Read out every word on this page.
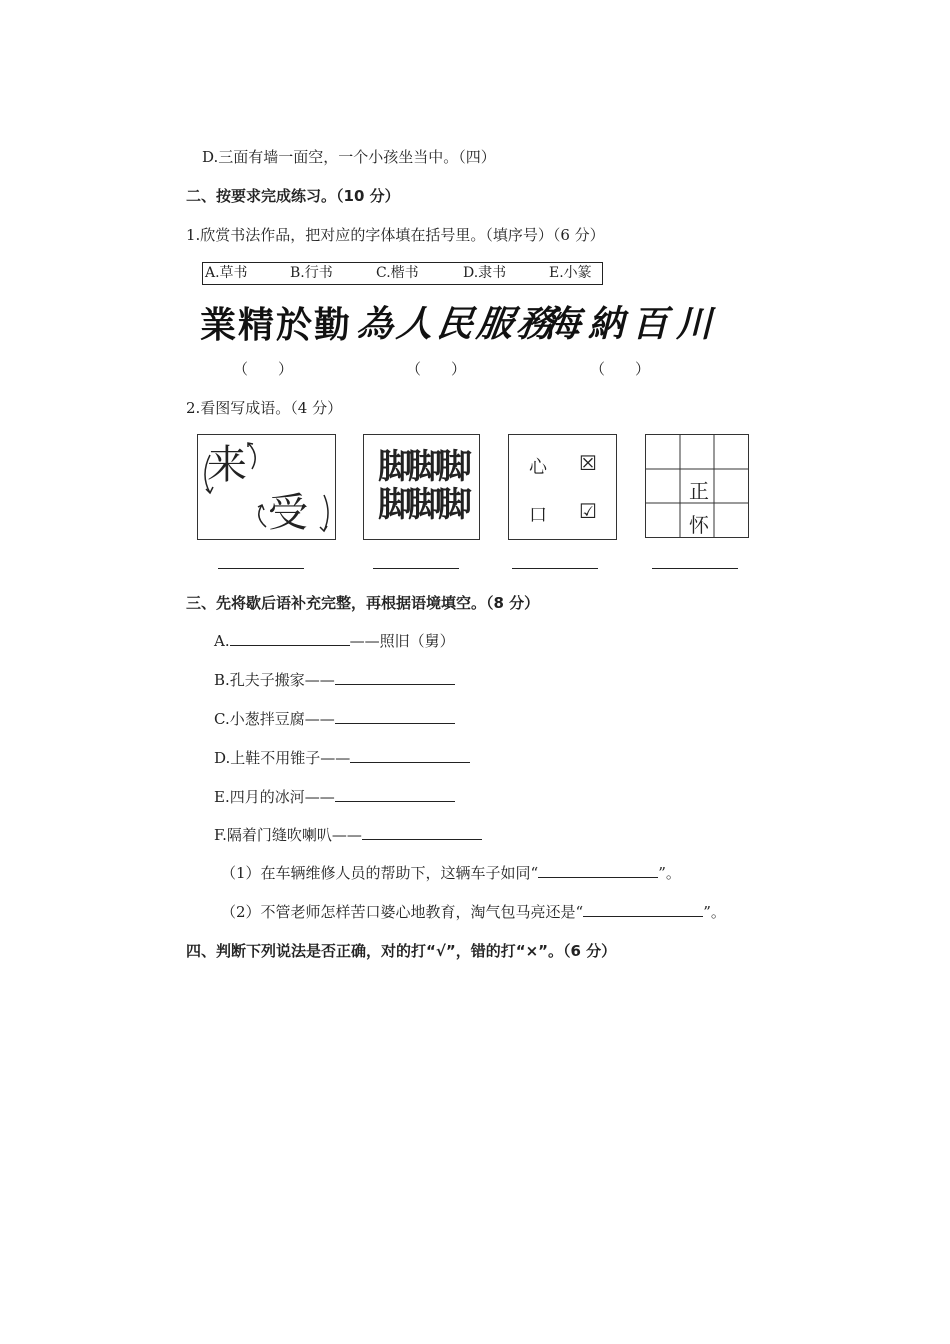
D.三面有墙一面空，一个小孩坐当中。（四）
二、按要求完成练习。（10 分）
1.欣赏书法作品，把对应的字体填在括号里。（填序号）（6 分）
A.草书	B.行书	C.楷书	D.隶书	E.小篆
業精於勤 為人民服務
海納百川
（　　）	（　　）	（　　）
2.看图写成语。（4 分）
来
受
脚脚脚
脚脚脚
心 ☒
口 ☑
正
怀
三、先将歇后语补充完整，再根据语境填空。（8 分）
A.	——照旧（舅）
B.孔夫子搬家——
C.小葱拌豆腐——
D.上鞋不用锥子——
E.四月的冰河——
F.隔着门缝吹喇叭——
（1）在车辆维修人员的帮助下，这辆车子如同“	”。
（2）不管老师怎样苦口婆心地教育，淘气包马亮还是“	”。
四、判断下列说法是否正确，对的打“√”，错的打“×”。（6 分）
